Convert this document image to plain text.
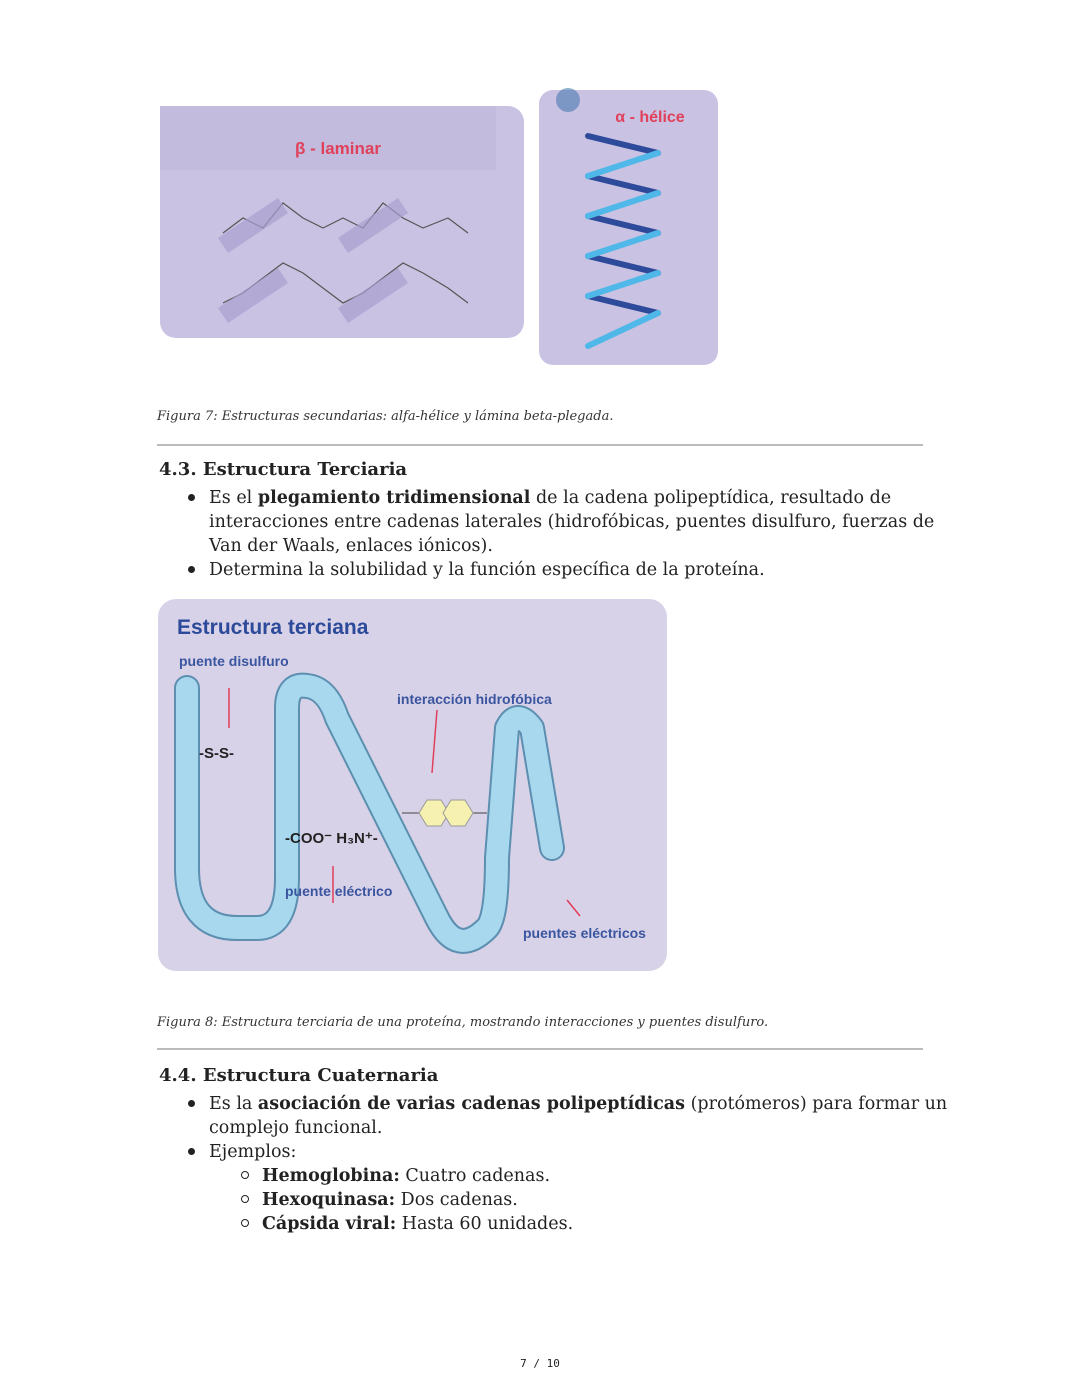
β - laminar
α - hélice
Figura 7: Estructuras secundarias: alfa-hélice y lámina beta-plegada.
4.3. Estructura Terciaria
Es el plegamiento tridimensional de la cadena polipeptídica, resultado de
interacciones entre cadenas laterales (hidrofóbicas, puentes disulfuro, fuerzas de
Van der Waals, enlaces iónicos).
Determina la solubilidad y la función específica de la proteína.
Estructura terciana
puente disulfuro
-S-S-
interacción hidrofóbica
-COO⁻ H₃N⁺-
puente eléctrico
puentes eléctricos
Figura 8: Estructura terciaria de una proteína, mostrando interacciones y puentes disulfuro.
4.4. Estructura Cuaternaria
Es la asociación de varias cadenas polipeptídicas (protómeros) para formar un
complejo funcional.
Ejemplos:
Hemoglobina: Cuatro cadenas.
Hexoquinasa: Dos cadenas.
Cápsida viral: Hasta 60 unidades.
7 / 10
